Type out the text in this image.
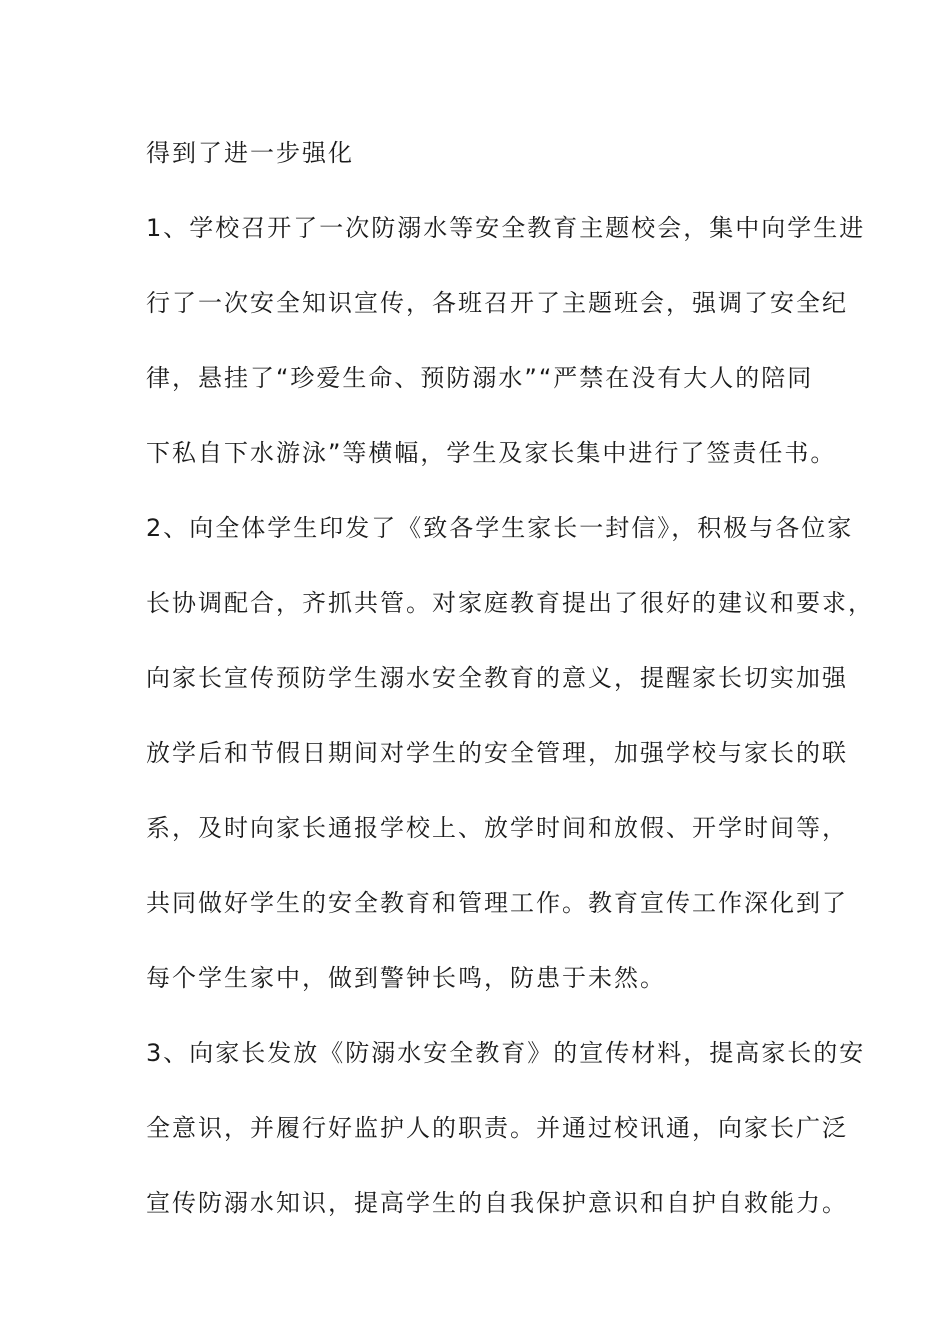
得到了进一步强化
1、学校召开了一次防溺水等安全教育主题校会，集中向学生进
行了一次安全知识宣传，各班召开了主题班会，强调了安全纪
律，悬挂了“珍爱生命、预防溺水”“严禁在没有大人的陪同
下私自下水游泳”等横幅，学生及家长集中进行了签责任书。
2、向全体学生印发了《致各学生家长一封信》，积极与各位家
长协调配合，齐抓共管。对家庭教育提出了很好的建议和要求，
向家长宣传预防学生溺水安全教育的意义，提醒家长切实加强
放学后和节假日期间对学生的安全管理，加强学校与家长的联
系，及时向家长通报学校上、放学时间和放假、开学时间等，
共同做好学生的安全教育和管理工作。教育宣传工作深化到了
每个学生家中，做到警钟长鸣，防患于未然。
3、向家长发放《防溺水安全教育》的宣传材料，提高家长的安
全意识，并履行好监护人的职责。并通过校讯通，向家长广泛
宣传防溺水知识，提高学生的自我保护意识和自护自救能力。
